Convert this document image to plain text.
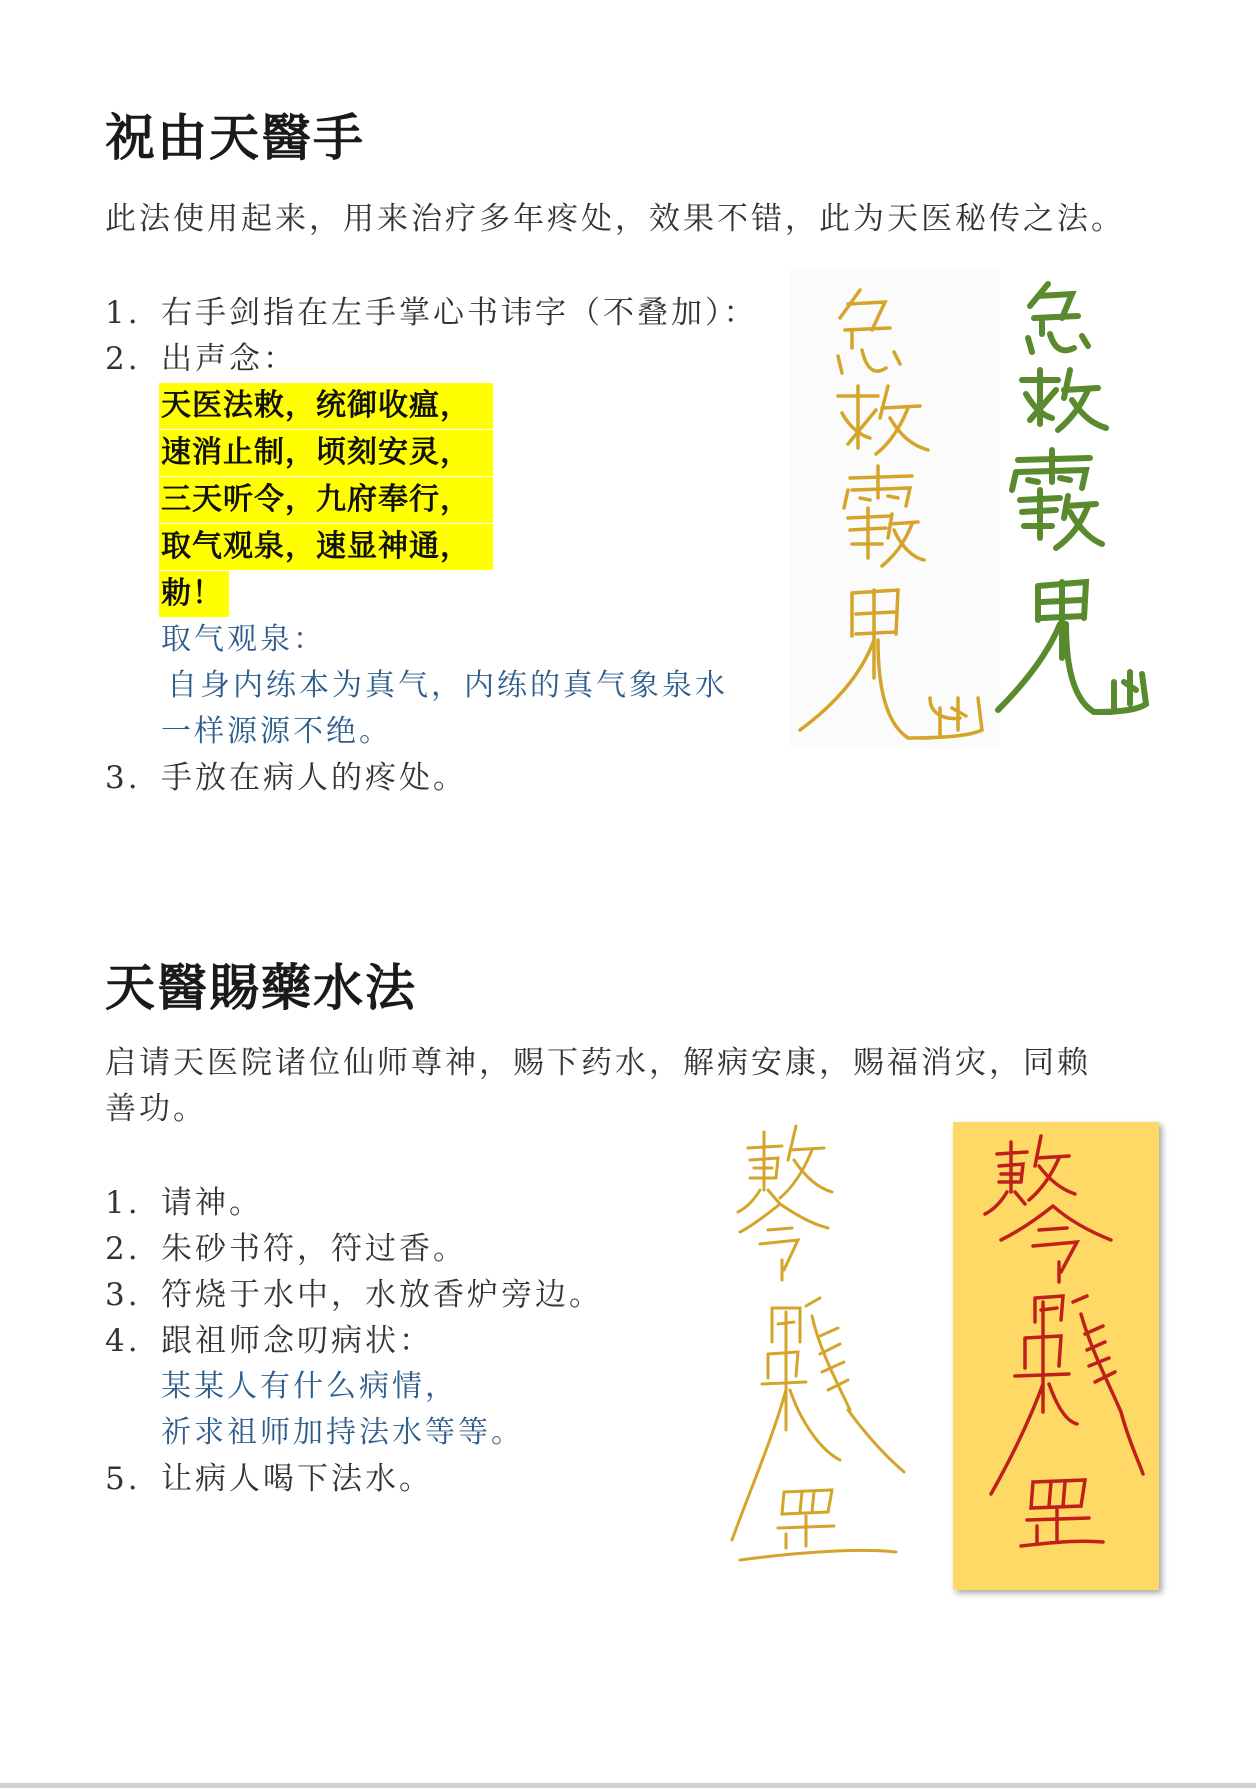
祝由天醫手

此法使用起来，用来治疗多年疼处，效果不错，此为天医秘传之法。

1. 右手剑指在左手掌心书讳字（不叠加）：
2. 出声念：
天医法敕，统御收瘟，
速消止制，顷刻安灵，
三天听令，九府奉行，
取气观泉，速显神通，
勅！
取气观泉：
自身内练本为真气，内练的真气象泉水
一样源源不绝。
3. 手放在病人的疼处。
天醫賜藥水法

启请天医院诸位仙师尊神，赐下药水，解病安康，赐福消灾，同赖

善功。

1. 请神。
2. 朱砂书符，符过香。
3. 符烧于水中，水放香炉旁边。
4. 跟祖师念叨病状：
某某人有什么病情，
祈求祖师加持法水等等。
5. 让病人喝下法水。
